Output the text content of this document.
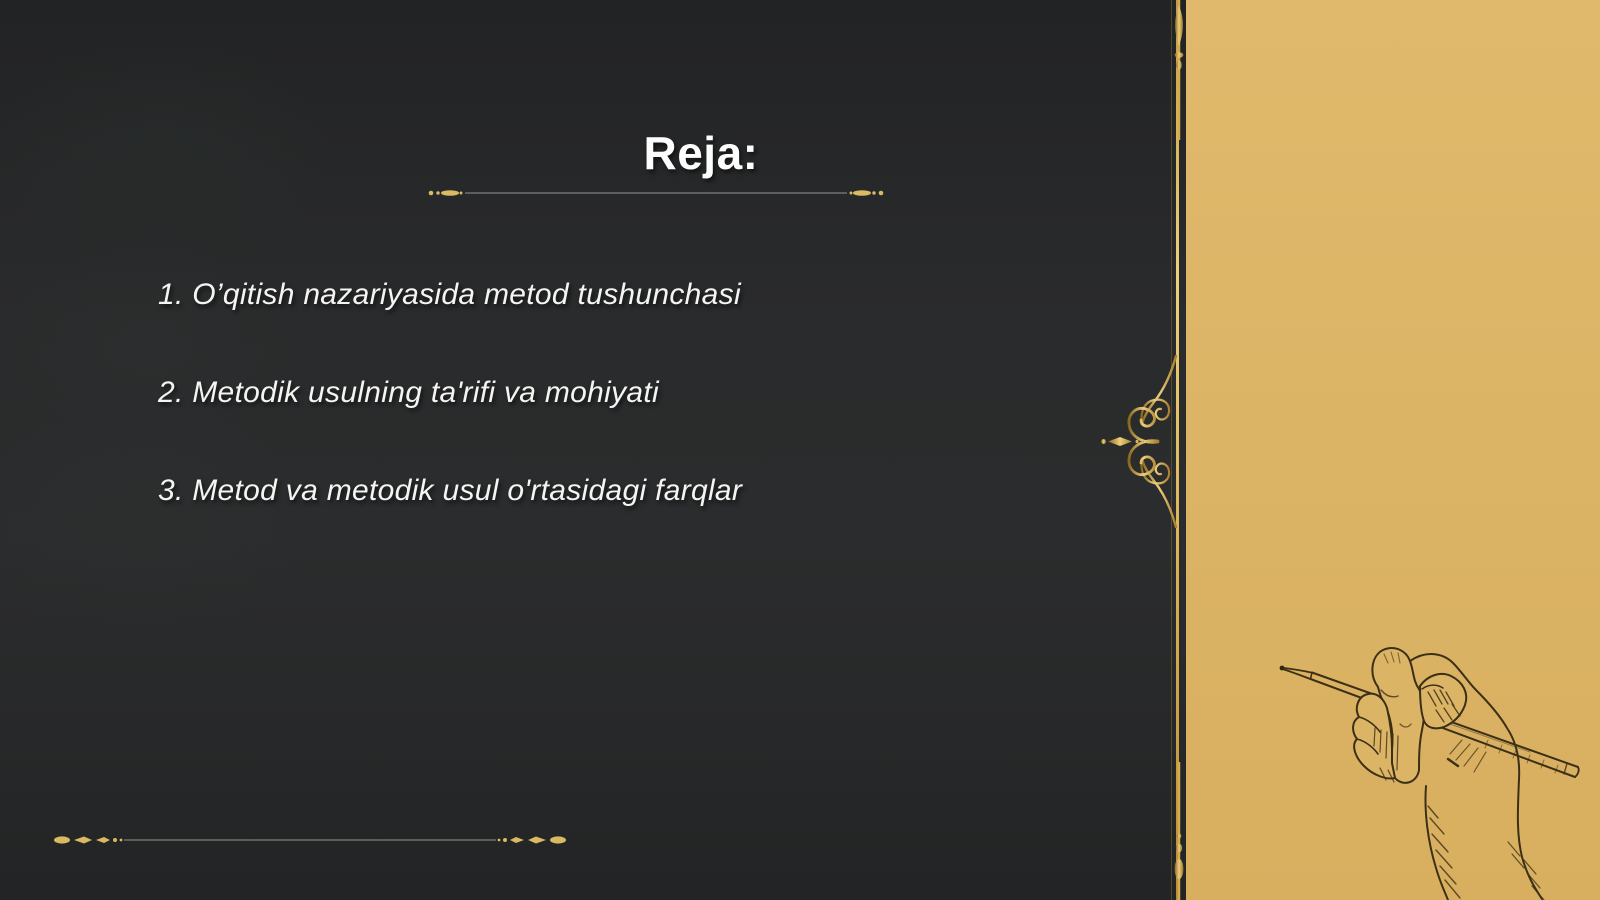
Reja:
1. O’qitish nazariyasida metod tushunchasi
2. Metodik usulning ta'rifi va mohiyati
3. Metod va metodik usul o'rtasidagi farqlar
